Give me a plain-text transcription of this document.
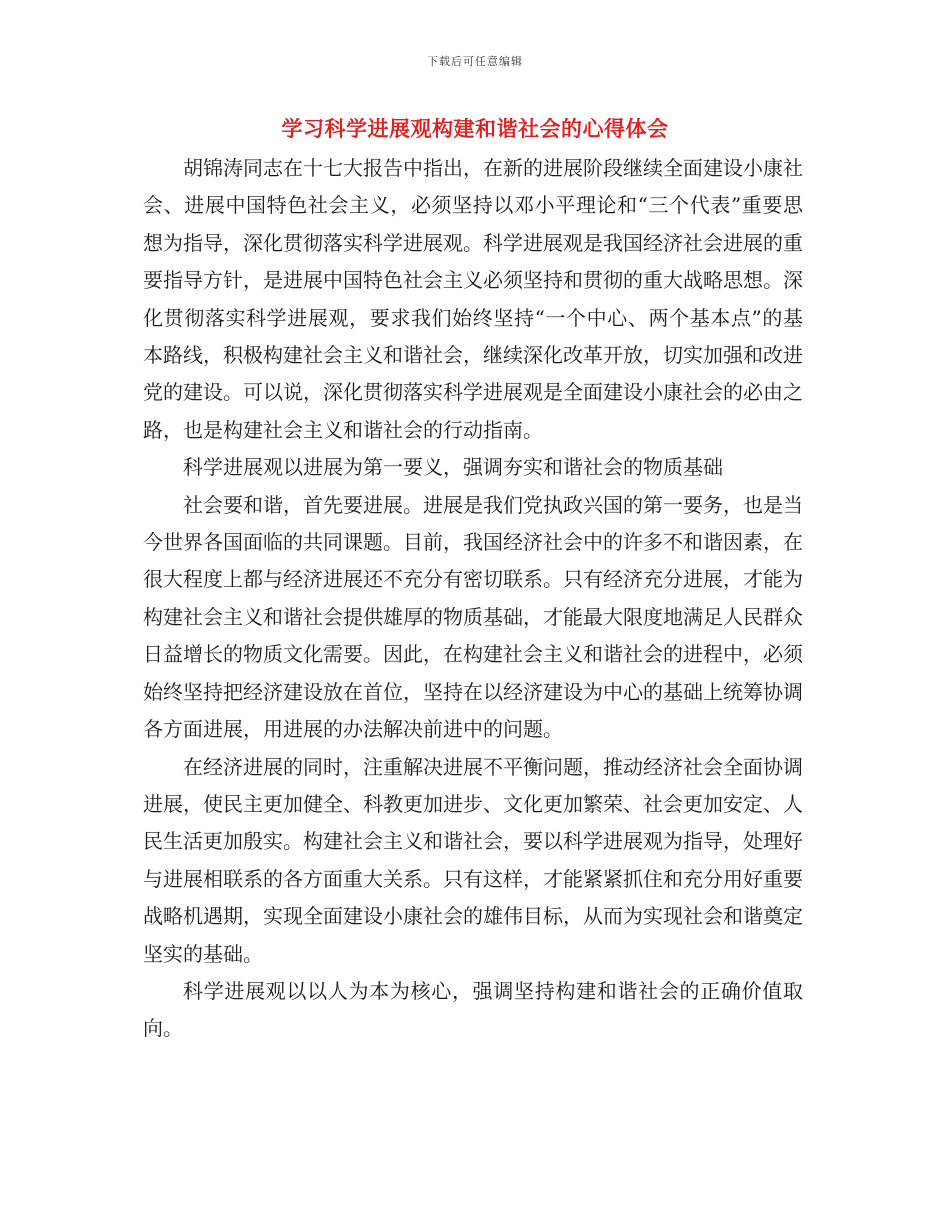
下载后可任意编辑
学习科学进展观构建和谐社会的心得体会

胡锦涛同志在十七大报告中指出，在新的进展阶段继续全面建设小康社会、进展中国特色社会主义，必须坚持以邓小平理论和“三个代表”重要思想为指导，深化贯彻落实科学进展观。科学进展观是我国经济社会进展的重要指导方针，是进展中国特色社会主义必须坚持和贯彻的重大战略思想。深化贯彻落实科学进展观，要求我们始终坚持“一个中心、两个基本点”的基本路线，积极构建社会主义和谐社会，继续深化改革开放，切实加强和改进党的建设。可以说，深化贯彻落实科学进展观是全面建设小康社会的必由之路，也是构建社会主义和谐社会的行动指南。

科学进展观以进展为第一要义，强调夯实和谐社会的物质基础

社会要和谐，首先要进展。进展是我们党执政兴国的第一要务，也是当今世界各国面临的共同课题。目前，我国经济社会中的许多不和谐因素，在很大程度上都与经济进展还不充分有密切联系。只有经济充分进展，才能为构建社会主义和谐社会提供雄厚的物质基础，才能最大限度地满足人民群众日益增长的物质文化需要。因此，在构建社会主义和谐社会的进程中，必须始终坚持把经济建设放在首位，坚持在以经济建设为中心的基础上统筹协调各方面进展，用进展的办法解决前进中的问题。

在经济进展的同时，注重解决进展不平衡问题，推动经济社会全面协调进展，使民主更加健全、科教更加进步、文化更加繁荣、社会更加安定、人民生活更加殷实。构建社会主义和谐社会，要以科学进展观为指导，处理好与进展相联系的各方面重大关系。只有这样，才能紧紧抓住和充分用好重要战略机遇期，实现全面建设小康社会的雄伟目标，从而为实现社会和谐奠定坚实的基础。

科学进展观以以人为本为核心，强调坚持构建和谐社会的正确价值取向。
